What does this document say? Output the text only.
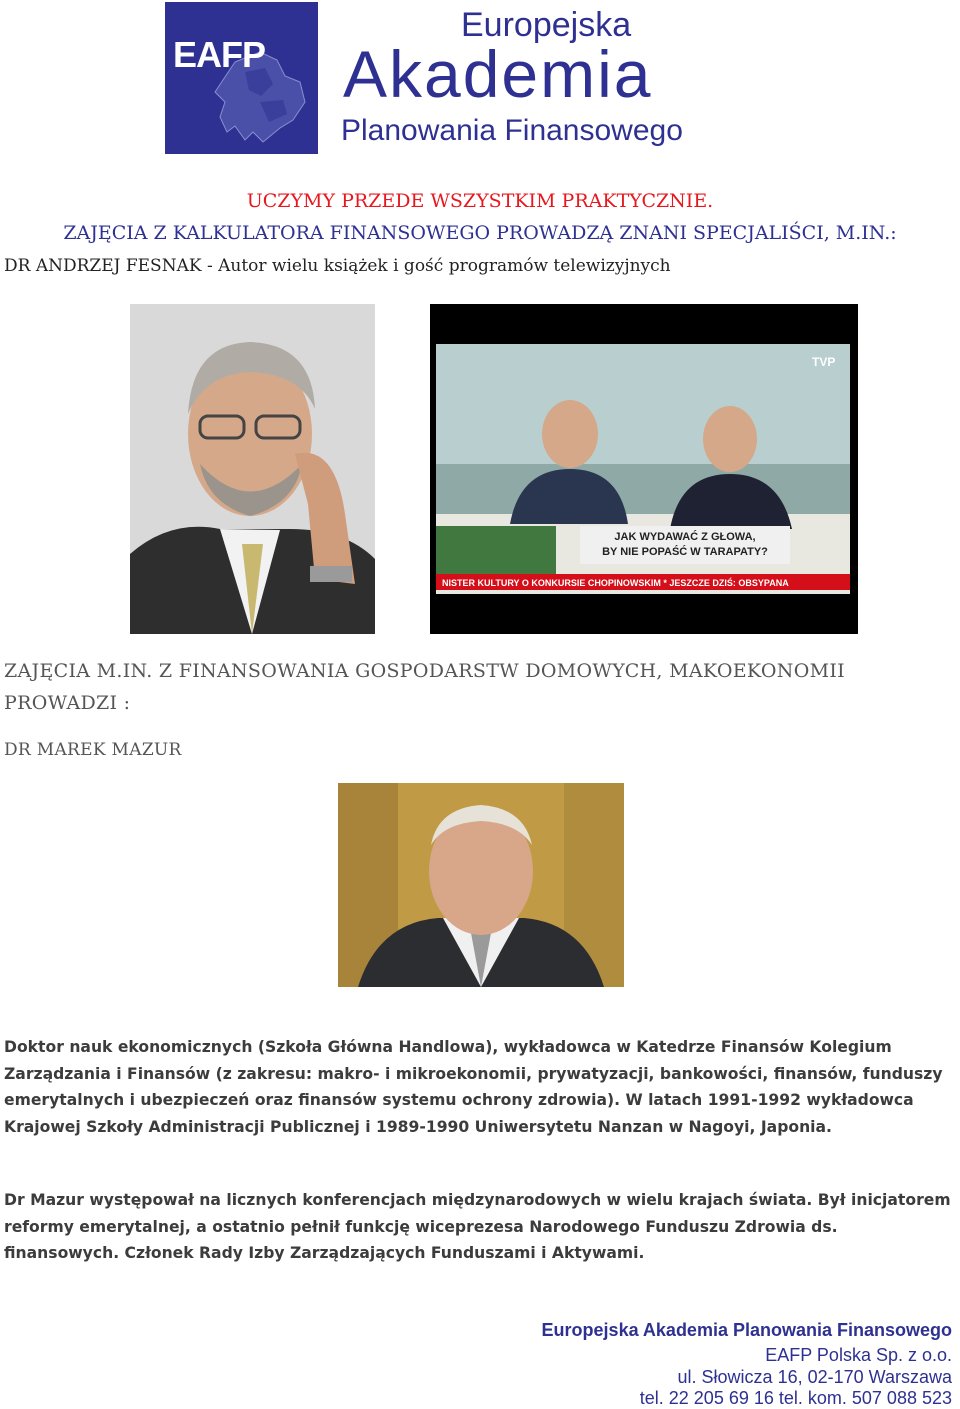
EAFP
Europejska
Akademia
Planowania Finansowego
UCZYMY PRZEDE WSZYSTKIM PRAKTYCZNIE.
ZAJĘCIA Z KALKULATORA FINANSOWEGO PROWADZĄ ZNANI SPECJALIŚCI, M.IN.:
DR ANDRZEJ FESNAK - Autor wielu książek i gość programów telewizyjnych
JAK WYDAWAĆ Z GŁOWA,
BY NIE POPAŚĆ W TARAPATY?
NISTER KULTURY O KONKURSIE CHOPINOWSKIM * JESZCZE DZIŚ: OBSYPANA
TVP
ZAJĘCIA M.IN. Z FINANSOWANIA GOSPODARSTW DOMOWYCH, MAKOEKONOMII
PROWADZI :
DR MAREK MAZUR

Doktor nauk ekonomicznych (Szkoła Główna Handlowa), wykładowca w Katedrze Finansów Kolegium Zarządzania i Finansów (z zakresu: makro- i mikroekonomii, prywatyzacji, bankowości, finansów, funduszy emerytalnych i ubezpieczeń oraz finansów systemu ochrony zdrowia). W latach 1991-1992 wykładowca Krajowej Szkoły Administracji Publicznej i 1989-1990 Uniwersytetu Nanzan w Nagoyi, Japonia.

Dr Mazur występował na licznych konferencjach międzynarodowych w wielu krajach świata. Był inicjatorem reformy emerytalnej, a ostatnio pełnił funkcję wiceprezesa Narodowego Funduszu Zdrowia ds. finansowych. Członek Rady Izby Zarządzających Funduszami i Aktywami.

Europejska Akademia Planowania Finansowego
EAFP Polska Sp. z o.o.
ul. Słowicza 16, 02-170 Warszawa
tel. 22 205 69 16 tel. kom. 507 088 523
